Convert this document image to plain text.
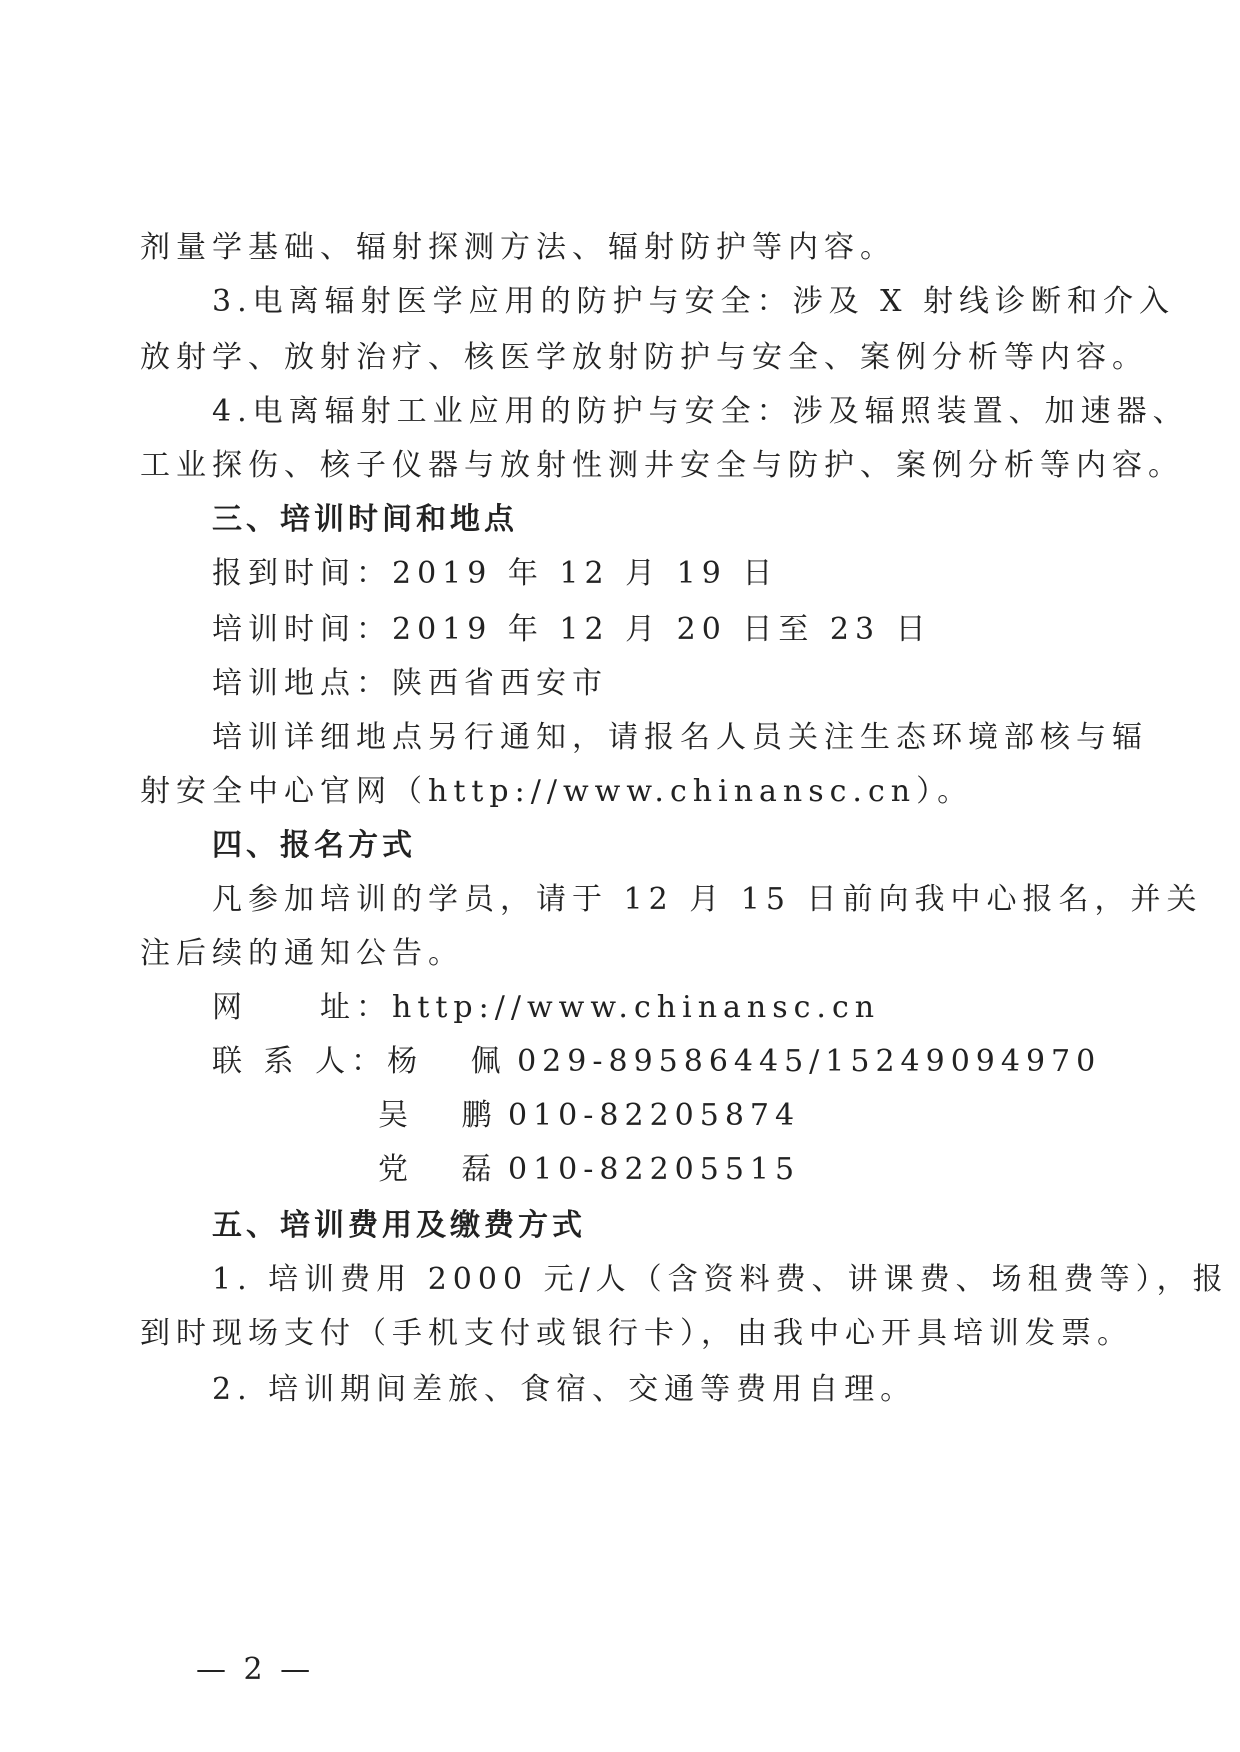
剂量学基础、辐射探测方法、辐射防护等内容。
3.电离辐射医学应用的防护与安全：涉及 X 射线诊断和介入
放射学、放射治疗、核医学放射防护与安全、案例分析等内容。
4.电离辐射工业应用的防护与安全：涉及辐照装置、加速器、
工业探伤、核子仪器与放射性测井安全与防护、案例分析等内容。
三、培训时间和地点
报到时间：2019 年 12 月 19 日
培训时间：2019 年 12 月 20 日至 23 日
培训地点：陕西省西安市
培训详细地点另行通知，请报名人员关注生态环境部核与辐
射安全中心官网（http://www.chinansc.cn）。
四、报名方式
凡参加培训的学员，请于 12 月 15 日前向我中心报名，并关
注后续的通知公告。
网　　址：http://www.chinansc.cn
联 系 人：杨 佩029-89586445/15249094970
吴 鹏010-82205874
党 磊010-82205515
五、培训费用及缴费方式
1. 培训费用 2000 元/人（含资料费、讲课费、场租费等），报
到时现场支付（手机支付或银行卡），由我中心开具培训发票。
2. 培训期间差旅、食宿、交通等费用自理。
— 2 —
